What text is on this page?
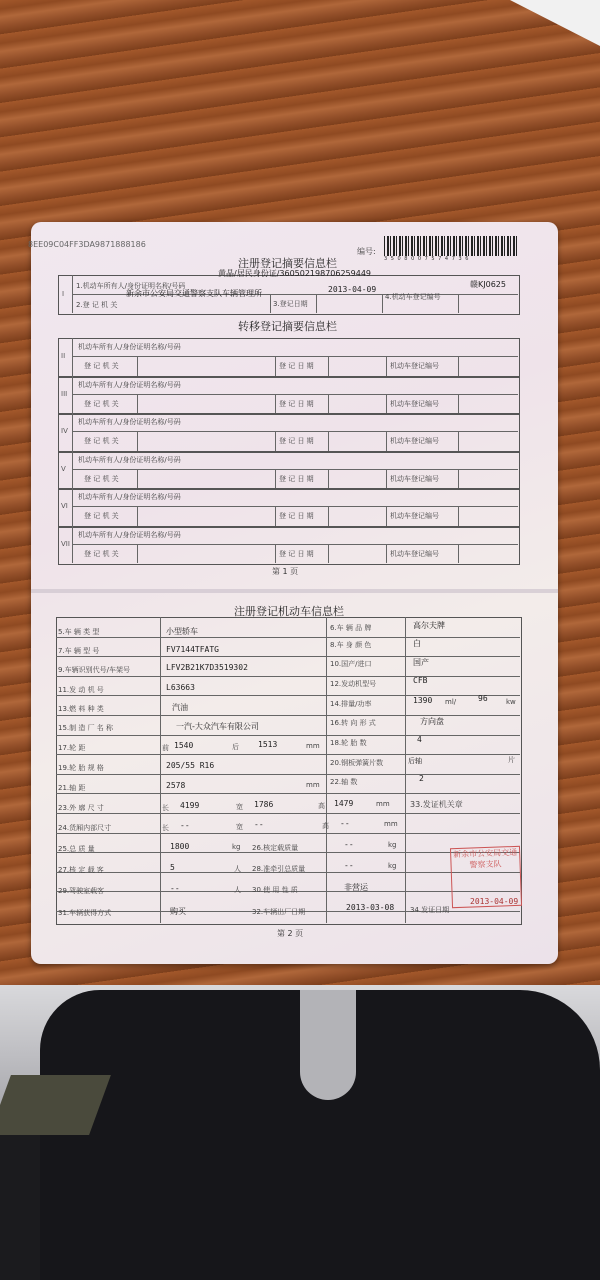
8EE09C04FF3DA9871888186
编号:
3 5 0 8 0 0 7 5 7 4 7 3 6
注册登记摘要信息栏
I
1.机动车所有人/身份证明名称/号码
黄晶/居民身份证/360502198706259449
2.登 记 机 关
新余市公安局交通警察支队车辆管理所
3.登记日期
2013-04-09
4.机动车登记编号
赣KJ0625
转移登记摘要信息栏
II
机动车所有人/身份证明名称/号码
登 记 机 关	登 记 日 期	机动车登记编号
III
机动车所有人/身份证明名称/号码
登 记 机 关	登 记 日 期	机动车登记编号
IV
机动车所有人/身份证明名称/号码
登 记 机 关	登 记 日 期	机动车登记编号
V
机动车所有人/身份证明名称/号码
登 记 机 关	登 记 日 期	机动车登记编号
VI
机动车所有人/身份证明名称/号码
登 记 机 关	登 记 日 期	机动车登记编号
VII
机动车所有人/身份证明名称/号码
登 记 机 关	登 记 日 期	机动车登记编号
第 1 页
注册登记机动车信息栏
5.车 辆 类 型	小型轿车	6.车 辆 品 牌	高尔夫牌
7.车 辆 型 号	FV7144TFATG	8.车 身 颜 色	白
9.车辆识别代号/车架号	LFV2B21K7D3519302	10.国产/进口	国产
11.发 动 机 号	L63663	12.发动机型号	CFB
13.燃 料 种 类	汽油	14.排量/功率	1390 ml/	96	kw
15.制 造 厂 名 称	一汽-大众汽车有限公司	16.转 向 形 式	方向盘
17.轮 距	前 1540	后 1513	mm 18.轮 胎 数	4
19.轮 胎 规 格	205/55 R16	20.钢板弹簧片数	后轴	片
21.轴 距	2578	mm 22.轴 数	2
23.外 廓 尺 寸	长 4199	宽 1786	高 1479	mm	33.发证机关章
24.货厢内部尺寸	长 --	宽 --	高 --	mm
25.总 质 量	1800	kg 26.核定载质量	--	kg
27.核 定 载 客	5	人 28.准牵引总质量	--	kg
29.驾驶室载客	--	人 30.使 用 性 质	非营运
31.车辆获得方式	购买	32.车辆出厂日期	2013-03-08 34.发证日期
2013-04-09
新余市公安局交通警察支队
第 2 页
